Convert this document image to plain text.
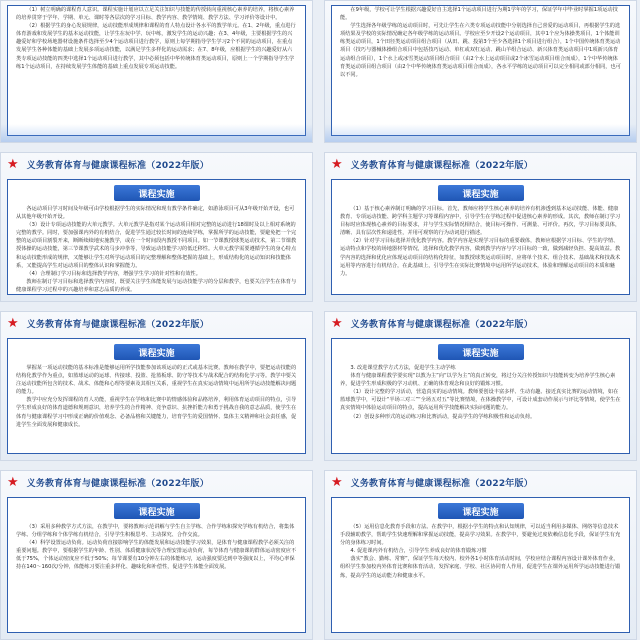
（1）树立明确的课程育人意识。课程实施计划应以立足关注知识与技能的传授转向重视核心素养的培养，将核心素养的培养贯穿于学年、学期、单元、课时等各层次的学习目标、教学内容、教学情境、教学方法、学习评价等设计中。

（2）根据学生的身心发展规律，运动技能形成规律和课程的育人特点设计各水平的教学单元。在1、2年级，重点进行体育游戏和发展学生的基本运动技能，让学生在玩中学、玩中练，激发学生的运动兴趣；在3、4年级，主要根据学生的兴趣爱好和学校场地器材设施条件选择至少4个运动项目进行教学，原则上每学期指导学生学习2个不同的运动项目，在重点发展学生各种体能的基础上发展多项运动技能，以满足学生多样化的运动需求；在7、8年级，应根据学生的兴趣爱好从六类专项运动技能的四类中选择1个运动项目进行教学，其中必须包括中华传统体育类运动项目，原则上一个学期指导学生学练1个运动项目，在持续发展学生体能的基础上重点发展专项运动技能。

在9年级，学校可让学生根据兴趣爱好自主选择1个运动项目进行为期1学年的学习，保证学年中毕业时掌握1项运动技能。

学生选择各年级学练的运动项目时，可先让学生在六类专项运动技能中分别选择自己喜爱的运动项目，再根据学生的选项结果及学校的实际情况确定各年级学练的运动项目。学校应至少开设2个运动项目，其中1个应为体操类项目，1个体能训练类运动项目，1个田径类运动项目组合项目（从田、跳、投第3个至少各选择1个项目进行组合），1个中国传统体育类运动项目（技巧与器械体操组合项目中包括技巧运动、单杠或双杠运动、跳山羊组合运动、新兴体育类运动项目中1项新兴体育运动组合项目），1个水上或冰雪类运动项目组合项目（由2个水上运动项目或2个冰雪运动项目组合而成），1个中华传统体育类运动项目组合项目（由2个中华传统体育类运动项目组合而成），各水平学练的运动项目可以完全相同或部分相同，也可以不同。

★ 义务教育体育与健康课程标准（2022年版）
课程实施

各运动项目学习时间及年级可由学校根据学生的实际情况和现有教学条件确定，如游泳项目可从3年级开始开设，也可从其他年级开始开设。

（3）设计专项运动技能的大单元教学。大单元教学是指对某个运动项目相对完整的运动进行18课时及以上相对系统的完整的教学。同时，要加强课内外的有机结合，促进学生通过较长时间的连续学练，掌握所学的运动技能，要避免把一个完整的运动项目割裂开来，断断续续地实施教学，或在一个时间段内教授不同项目。如一节课教授球类运动技术，第二节课教授体操的运动技能，第三节课教学武术的马步冲拳等，导致运动技能学习的低迁移性。大单元教学需要遵循学生的身心特点和运动技能形成的规律，又能够让学生对所学运动项目的完整理解和整体把握的基础上，形成结构化的运动知识和技能体系，又能提高学生对运动项目的整体认识和掌握能力。

（4）合理制订学习目标和选择教学内容，增强学生学习的针对性和有效性。

教师在制订学习目标和选择教学内容时，既要关注学生体能发展与运动技能学习的分层和教学，也要关注学生在体育与健康课程学习过程中的兴趣培养和意志品质的养成。

★ 义务教育体育与健康课程标准（2022年版）
课程实施

（1）基于核心素养制订明确的学习目标。首先，教师应将学生核心素养的培养有机渗透到基本运动技能、体能、健康教育、专项运动技能、跨学科主题学习等课程内容中，引导学生在学练过程中促进核心素养的形成。其次，教师在制订学习目标时应体现核心素养的目标要求，并与学生实际情况相结合，使目标可操作、可测量、可评价。再次，学习目标要具体，清晰、具有层次性和递进性，并用可观察的行为动词进行描述。

（2）针对学习目标选择并优化教学内容。教学内容是实现学习目标的重要载体，教师应根据学习目标、学生的学情、运动特点和学校的场地器材等情况，选择和优化教学内容，做到教学内容与学习目标的一致，做到减轻负担、提高效益。教学内容的选择和优化应体现运动项目的结构化特征，如教授球类运动项目时，应将单个技术、组合技术、基础战术和技战术运用等内容进行有机结合，在此基础上，引导学生在实际比赛情境中运用所学运动技术，体验和理解运动项目的本质和魅力。

★ 义务教育体育与健康课程标准（2022年版）
课程实施

掌握某一项运动技能的基本标准是能够运用所学技能参加该项运动的正式或基本比赛。教师在教学中，要把运动技能的结构化教学作为重点，如篮球运动的运球、传接球、投篮、抢篮板球、防守等技术与战术配合的结构化学习等。教学中要关注运动技能所包含的技术、战术、体能和心理等要素及其相互关系，重视学生在真实运动情境中运用所学运动技能解决问题的能力。

教学中应充分发挥课程的育人功能，重视学生在学练和比赛中的情感体验和品格培养，利用体育运动项目的特点，引导学生形成良好的体育道德和规则意识，培养学生的合作精神、竞争意识、抗挫折能力和勇于挑战自我的意志品质，使学生在体育与健康课程学习中形成正确的价值观念、必备品格和关键能力，培育学生的爱国情怀、集体主义精神和社会责任感，促进学生全面发展和健康成长。

★ 义务教育体育与健康课程标准（2022年版）
课程实施

3. 改进课堂教学方式方法，促进学生主动学练

体育与健康课程教学要实现“以教为主”向“以学为主”的真正转变，将过分关注传授知识与技能转变为培养学生核心素养，促进学生形成积极的学习动机、正确的体育观念和良好的锻炼习惯。

（1）设计完整的学习活动，营造真实的运动情境。教师要创设丰富多样、生动有趣、接近真实比赛的运动情境，如在篮球教学中，可设计“半场三对三”“全场五对五”等比赛情境，在体操教学中，可设计成套动作展示与评比等情境，使学生在真实情境中体验运动项目的特点，提高运用所学技能解决实际问题的能力。

（2）创设多种形式的运动练习和比赛活动，提高学生的学练积极性和运动负荷。

★ 义务教育体育与健康课程标准（2022年版）
课程实施

（3）采用多种教学方式方法，在教学中，要将教师示范讲解与学生自主学练、合作学练和探究学练有机结合，将集体学练、分组学练和个体学练有机结合，引导学生积极思考、主动探究、合作交流。

（4）科学设置运动负荷。运动负荷直接影响学生的体能发展和运动技能学习效果，是体育与健康课程教学必须关注的重要问题。教学中，要根据学生的年龄、性别、体质健康状况等合理安排运动负荷，每节体育与健康课的群体运动密度应不低于75%，个体运动密度应不低于50%；每节课要有10分钟左右的体能练习，运动强度要达到中等强度以上，平均心率保持在140～160次/分钟，体能练习要注重多样化、趣味化和补偿性，促进学生体能全面发展。

★ 义务教育体育与健康课程标准（2022年版）
课程实施

（5）运用信息化教育手段和方法。在教学中，根据小学生的特点和认知规律，可以适当利用多媒体、网络等信息技术手段辅助教学，帮助学生快速理解和掌握运动技能，提高学习效果。在教学中，要避免过度依赖信息化手段，保证学生有充分的身体练习时间。

4. 促进课内外有机结合，引导学生养成良好的体育锻炼习惯

落实“教会、勤练、常赛”，保证学生每天校内、校外各1小时体育活动时间，学校应结合课程内容设计课外体育作业，组织学生参加校内外体育比赛和体育活动，发挥家庭、学校、社区协同育人作用，促进学生在课外运用所学运动技能进行锻炼，提高学生的运动能力和健康水平。
